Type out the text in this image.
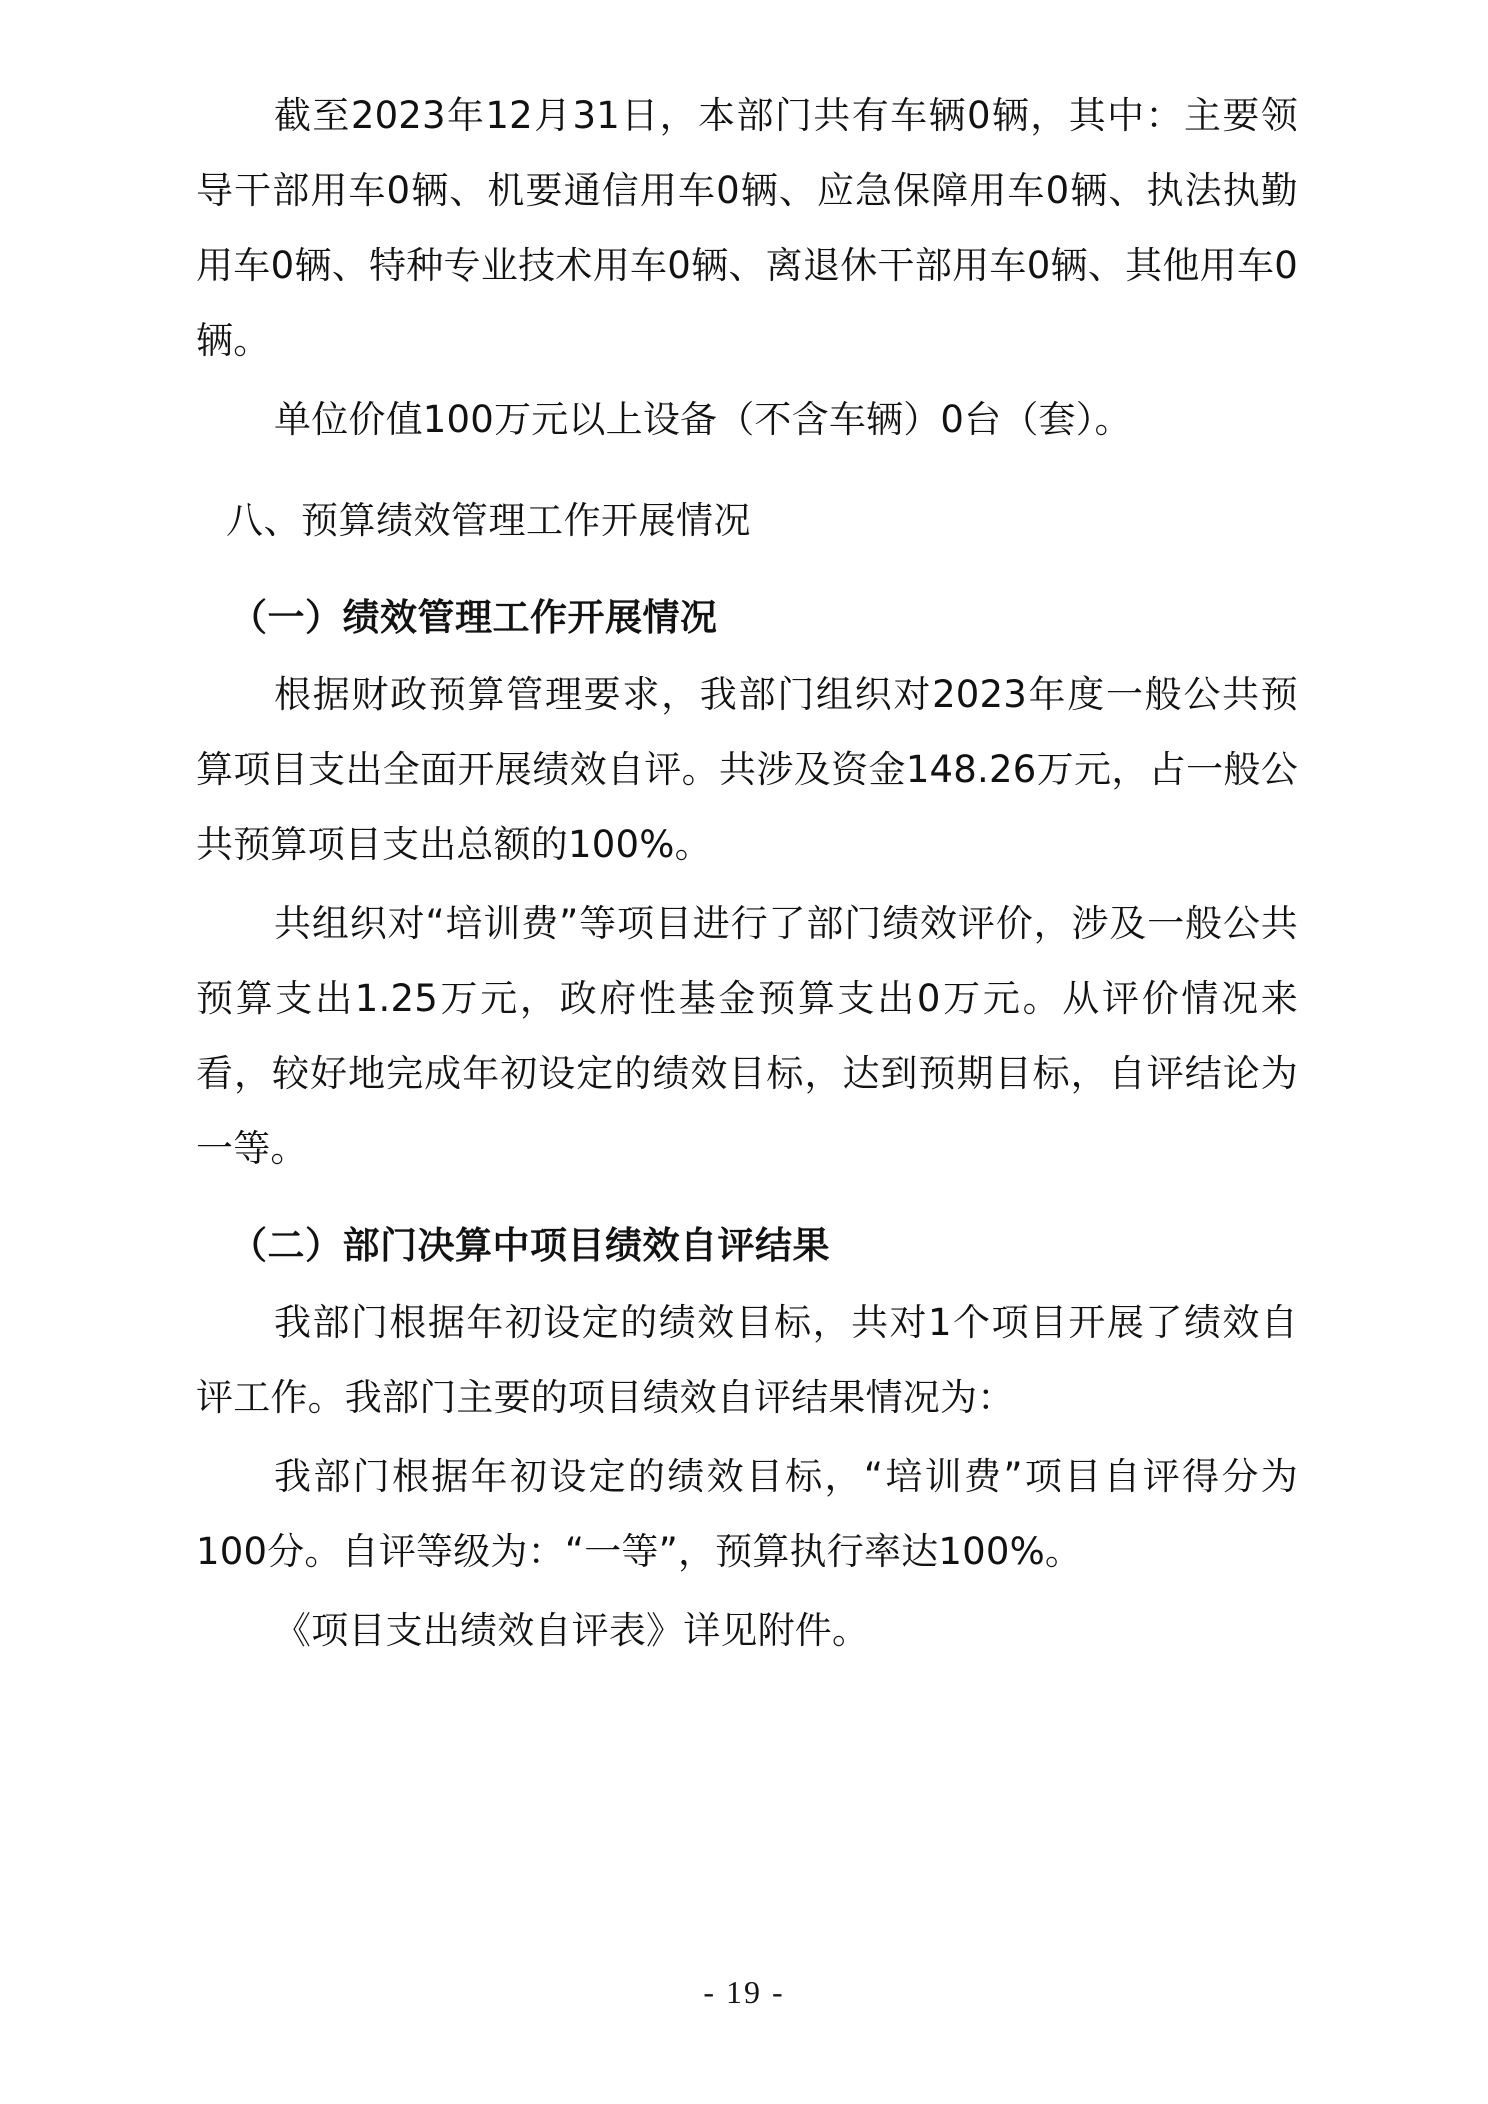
截至2023年12月31日，本部门共有车辆0辆，其中：主要领导干部用车0辆、机要通信用车0辆、应急保障用车0辆、执法执勤用车0辆、特种专业技术用车0辆、离退休干部用车0辆、其他用车0辆。

单位价值100万元以上设备（不含车辆）0台（套）。

八、预算绩效管理工作开展情况
（一）绩效管理工作开展情况

根据财政预算管理要求，我部门组织对2023年度一般公共预算项目支出全面开展绩效自评。共涉及资金148.26万元，占一般公共预算项目支出总额的100%。

共组织对“培训费”等项目进行了部门绩效评价，涉及一般公共预算支出1.25万元，政府性基金预算支出0万元。从评价情况来看，较好地完成年初设定的绩效目标，达到预期目标，自评结论为一等。

（二）部门决算中项目绩效自评结果

我部门根据年初设定的绩效目标，共对1个项目开展了绩效自评工作。我部门主要的项目绩效自评结果情况为：

我部门根据年初设定的绩效目标，“培训费”项目自评得分为100分。自评等级为：“一等”，预算执行率达100%。

《项目支出绩效自评表》详见附件。

- 19 -
